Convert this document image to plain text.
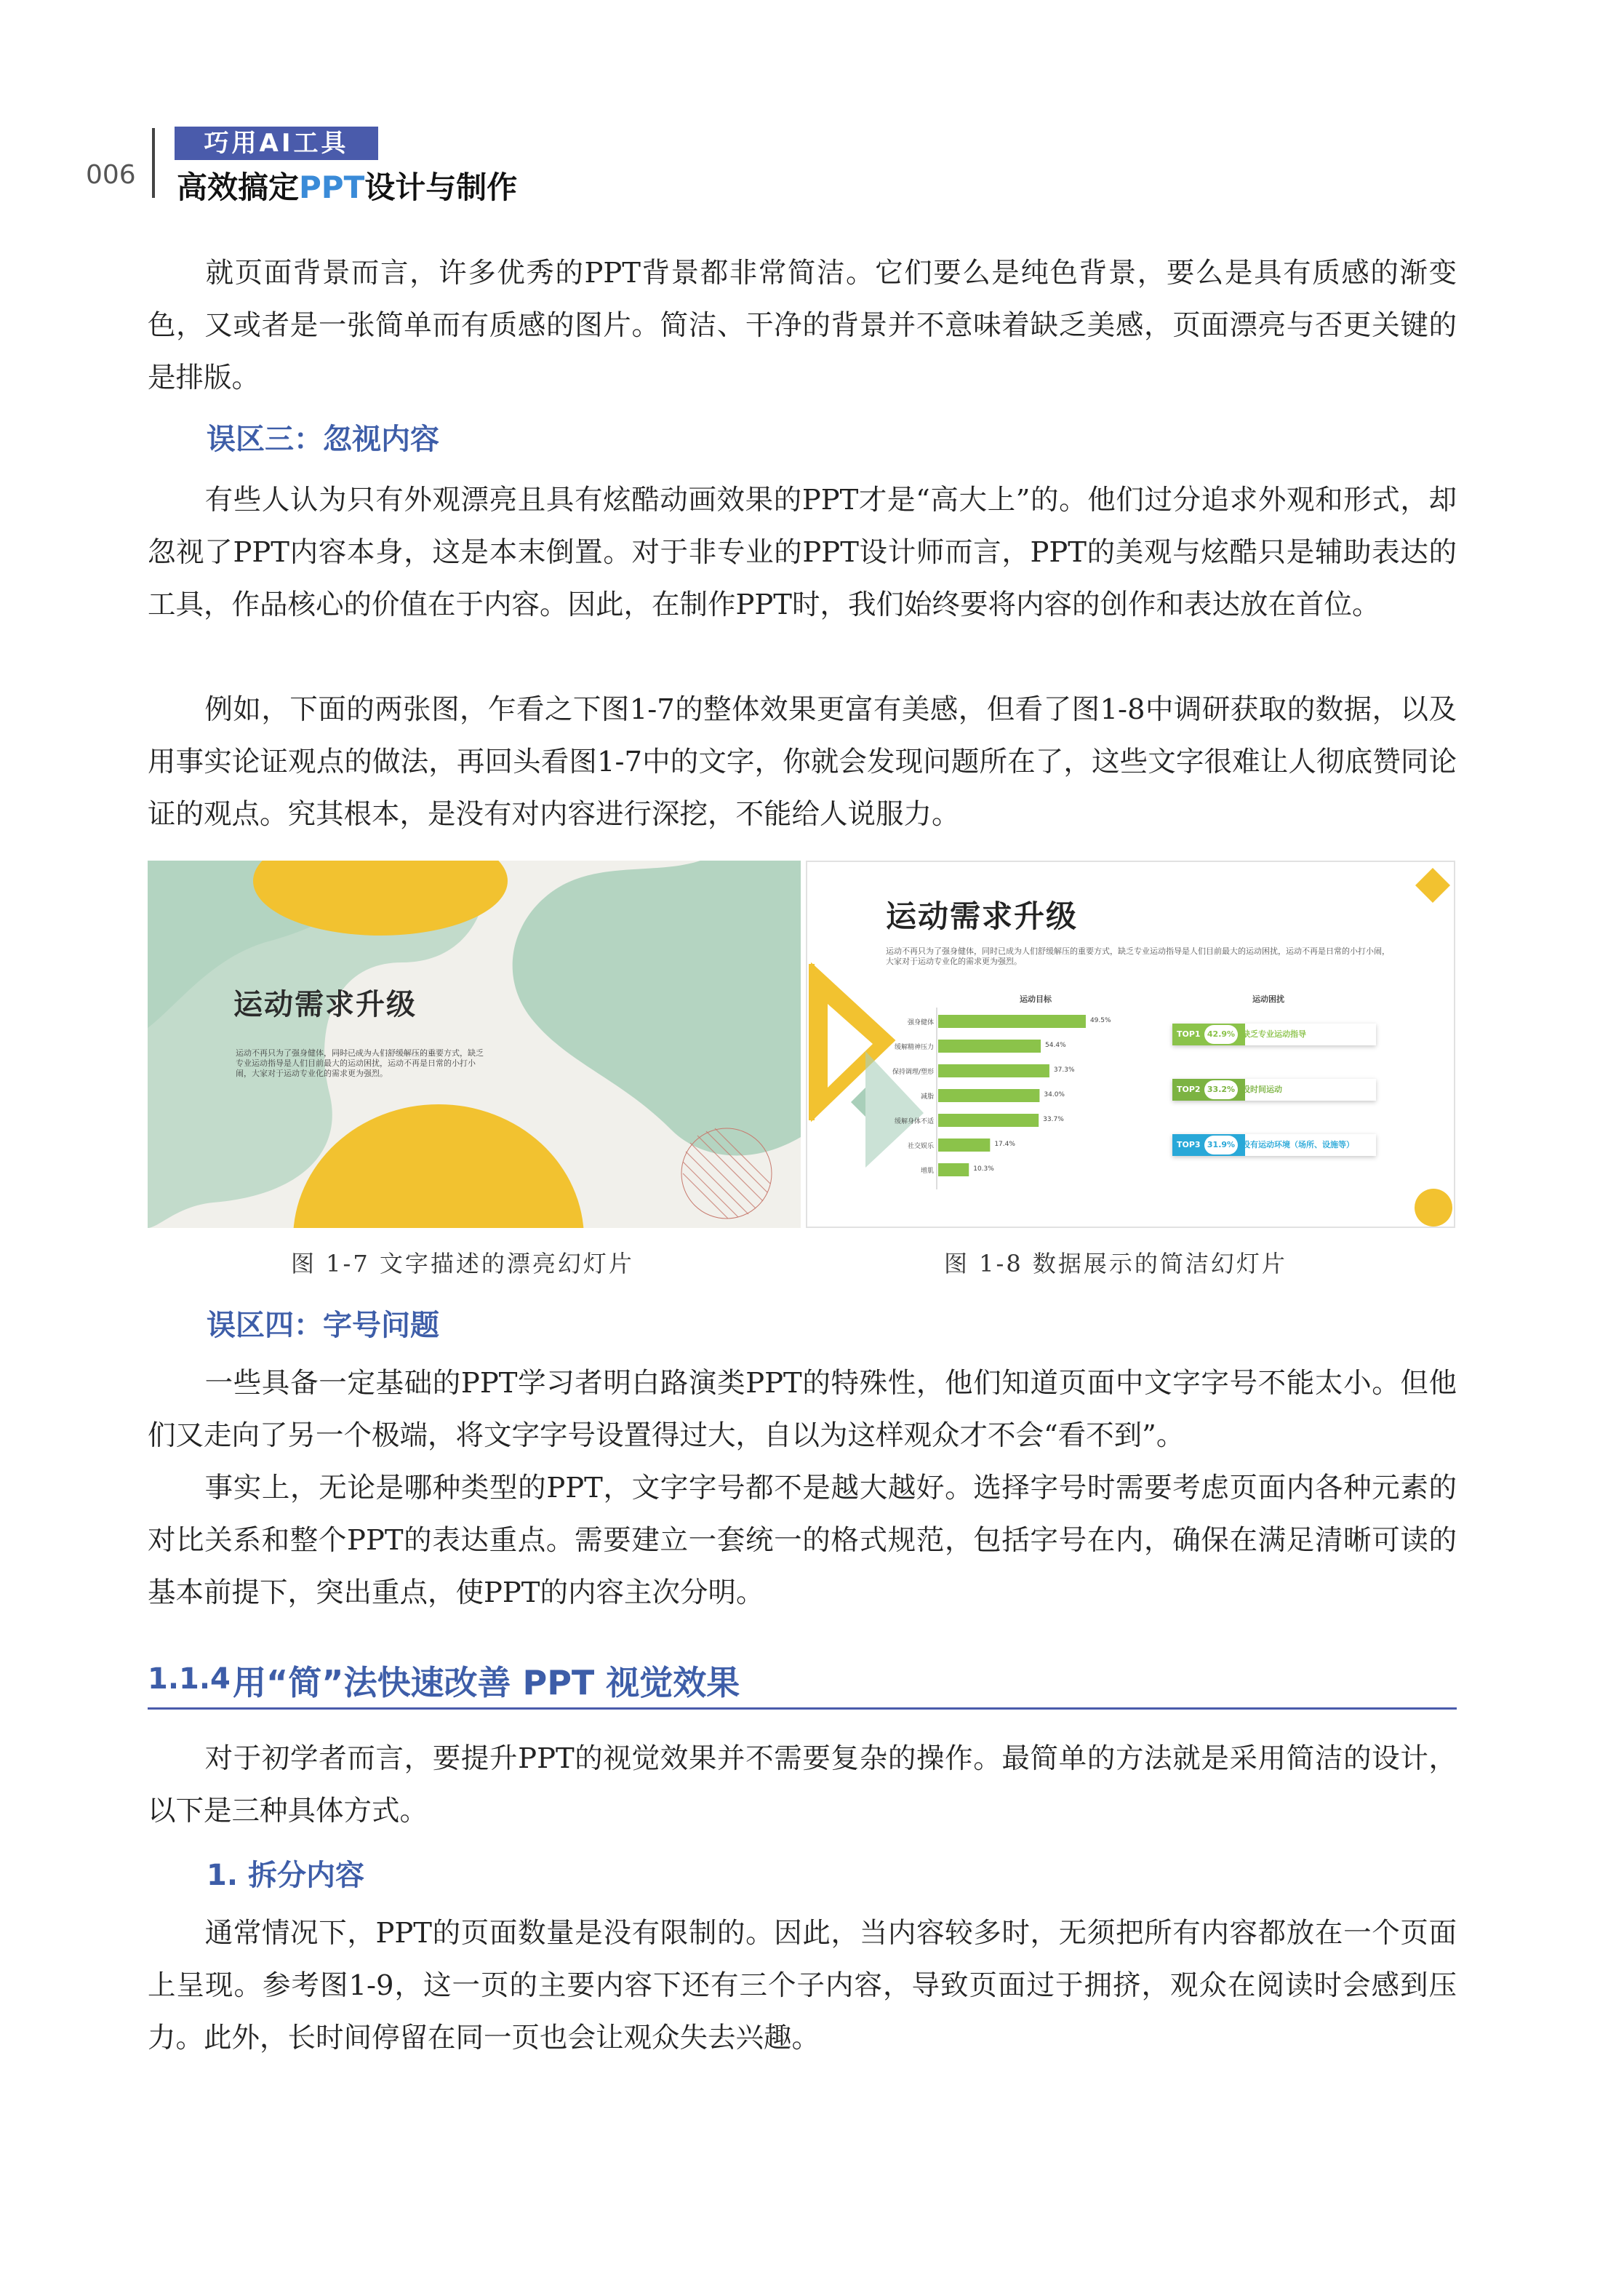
006
巧用AI工具
高效搞定PPT设计与制作
就页面背景而言，许多优秀的PPT背景都非常简洁。它们要么是纯色背景，要么是具有质感的渐变色，又或者是一张简单而有质感的图片。简洁、干净的背景并不意味着缺乏美感，页面漂亮与否更关键的是排版。
误区三：忽视内容
有些人认为只有外观漂亮且具有炫酷动画效果的PPT才是“高大上”的。他们过分追求外观和形式，却忽视了PPT内容本身，这是本末倒置。对于非专业的PPT设计师而言，PPT的美观与炫酷只是辅助表达的工具，作品核心的价值在于内容。因此，在制作PPT时，我们始终要将内容的创作和表达放在首位。
例如，下面的两张图，乍看之下图1-7的整体效果更富有美感，但看了图1-8中调研获取的数据，以及用事实论证观点的做法，再回头看图1-7中的文字，你就会发现问题所在了，这些文字很难让人彻底赞同论证的观点。究其根本，是没有对内容进行深挖，不能给人说服力。
运动需求升级
运动不再只为了强身健体，同时已成为人们舒缓解压的重要方式，缺乏专业运动指导是人们目前最大的运动困扰，运动不再是日常的小打小闹，大家对于运动专业化的需求更为强烈。
图 1-7 文字描述的漂亮幻灯片
运动需求升级
运动不再只为了强身健体，同时已成为人们舒缓解压的重要方式，缺乏专业运动指导是人们目前最大的运动困扰，运动不再是日常的小打小闹，大家对于运动专业化的需求更为强烈。
运动目标	运动困扰
强身健体	49.5%
缓解精神压力	54.4%
保持调理/塑形	37.3%
减脂	34.0%
缓解身体不适	33.7%
社交娱乐	17.4%
增肌	10.3%
TOP1 42.9% 缺乏专业运动指导
TOP2 33.2% 没时间运动
TOP3 31.9% 没有运动环境（场所、设施等）
图 1-8 数据展示的简洁幻灯片
误区四：字号问题
一些具备一定基础的PPT学习者明白路演类PPT的特殊性，他们知道页面中文字字号不能太小。但他们又走向了另一个极端，将文字字号设置得过大，自以为这样观众才不会“看不到”。
事实上，无论是哪种类型的PPT，文字字号都不是越大越好。选择字号时需要考虑页面内各种元素的对比关系和整个PPT的表达重点。需要建立一套统一的格式规范，包括字号在内，确保在满足清晰可读的基本前提下，突出重点，使PPT的内容主次分明。
1.1.4 用“简”法快速改善 PPT 视觉效果
对于初学者而言，要提升PPT的视觉效果并不需要复杂的操作。最简单的方法就是采用简洁的设计，以下是三种具体方式。
1. 拆分内容
通常情况下，PPT的页面数量是没有限制的。因此，当内容较多时，无须把所有内容都放在一个页面上呈现。参考图1-9，这一页的主要内容下还有三个子内容，导致页面过于拥挤，观众在阅读时会感到压力。此外，长时间停留在同一页也会让观众失去兴趣。
